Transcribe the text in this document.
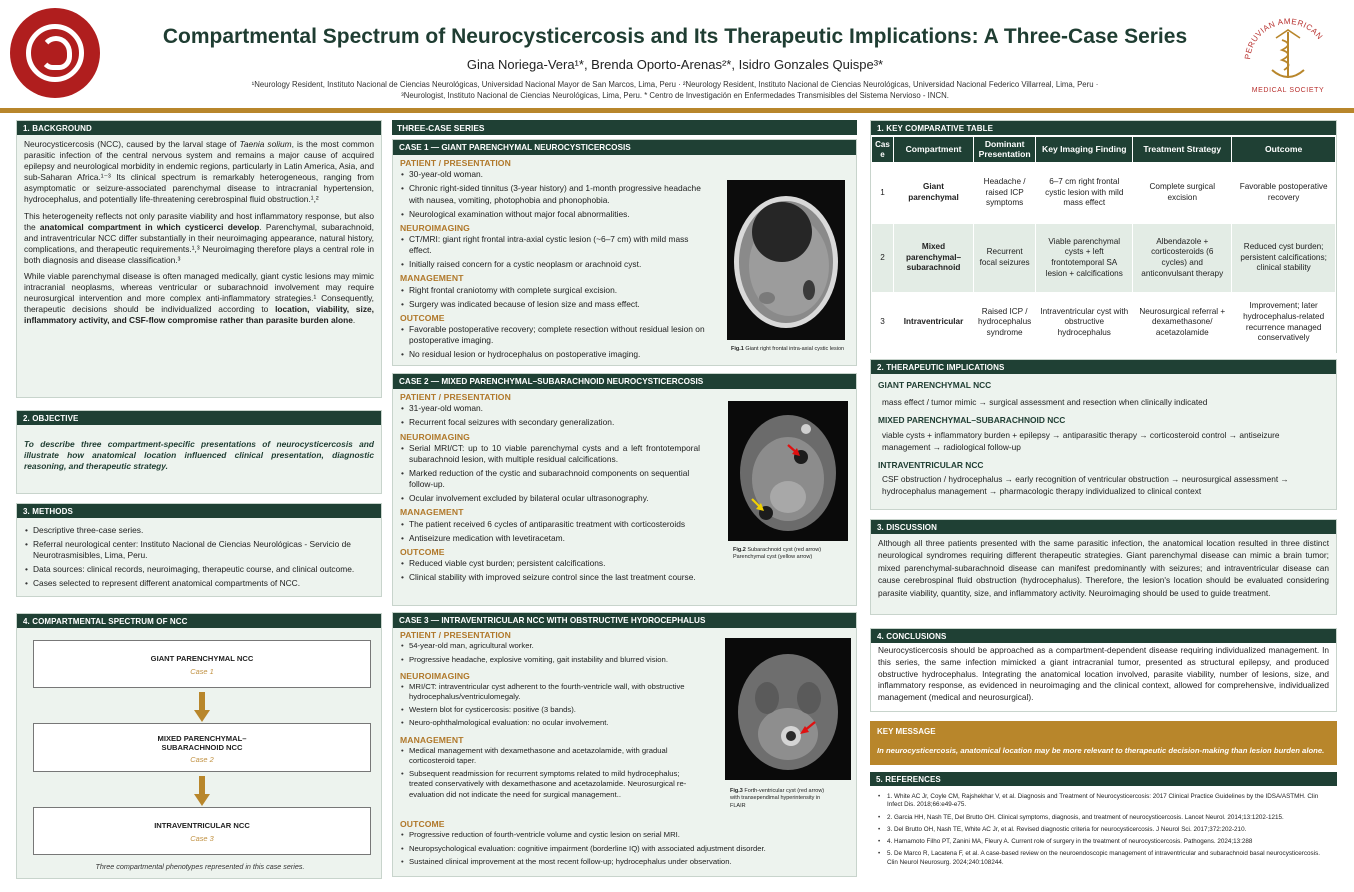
Compartmental Spectrum of Neurocysticercosis and Its Therapeutic Implications: A Three-Case Series
Gina Noriega-Vera¹*, Brenda Oporto-Arenas²*, Isidro Gonzales Quispe³*
¹Neurology Resident, Instituto Nacional de Ciencias Neurológicas, Universidad Nacional Mayor de San Marcos, Lima, Peru · ²Neurology Resident, Instituto Nacional de Ciencias Neurológicas, Universidad Nacional Federico Villarreal, Lima, Peru ·
³Neurologist, Instituto Nacional de Ciencias Neurológicas, Lima, Peru. * Centro de Investigación en Enfermedades Transmisibles del Sistema Nervioso - INCN.
PERUVIAN AMERICAN
MEDICAL SOCIETY
1. BACKGROUND

Neurocysticercosis (NCC), caused by the larval stage of Taenia solium, is the most common parasitic infection of the central nervous system and remains a major cause of acquired epilepsy and neurological morbidity in endemic regions, particularly in Latin America, Asia, and sub-Saharan Africa.¹⁻³ Its clinical spectrum is remarkably heterogeneous, ranging from asymptomatic or seizure-associated parenchymal disease to intracranial hypertension, hydrocephalus, and potentially life-threatening cerebrospinal fluid obstruction.¹,²

This heterogeneity reflects not only parasite viability and host inflammatory response, but also the anatomical compartment in which cysticerci develop. Parenchymal, subarachnoid, and intraventricular NCC differ substantially in their neuroimaging appearance, natural history, complications, and therapeutic requirements.¹,³ Neuroimaging therefore plays a central role in both diagnosis and disease classification.³

While viable parenchymal disease is often managed medically, giant cystic lesions may mimic intracranial neoplasms, whereas ventricular or subarachnoid involvement may require neurosurgical intervention and more complex anti-inflammatory strategies.¹ Consequently, therapeutic decisions should be individualized according to location, viability, size, inflammatory activity, and CSF-flow compromise rather than parasite burden alone.

2. OBJECTIVE

To describe three compartment-specific presentations of neurocysticercosis and illustrate how anatomical location influenced clinical presentation, diagnostic reasoning, and therapeutic strategy.

3. METHODS
• Descriptive three-case series.
• Referral neurological center: Instituto Nacional de Ciencias Neurológicas - Servicio de Neurotrasmisibles, Lima, Peru.
• Data sources: clinical records, neuroimaging, therapeutic course, and clinical outcome.
• Cases selected to represent different anatomical compartments of NCC.
4. COMPARTMENTAL SPECTRUM OF NCC
GIANT PARENCHYMAL NCC
Case 1
MIXED PARENCHYMAL–
SUBARACHNOID NCC
Case 2
INTRAVENTRICULAR NCC
Case 3
Three compartmental phenotypes represented in this case series.
THREE-CASE SERIES
CASE 1 — GIANT PARENCHYMAL NEUROCYSTICERCOSIS
PATIENT / PRESENTATION
• 30-year-old woman.
• Chronic right-sided tinnitus (3-year history) and 1-month progressive headache with nausea, vomiting, photophobia and phonophobia.
• Neurological examination without major focal abnormalities.
NEUROIMAGING
• CT/MRI: giant right frontal intra-axial cystic lesion (~6–7 cm) with mild mass effect.
• Initially raised concern for a cystic neoplasm or arachnoid cyst.
MANAGEMENT
• Right frontal craniotomy with complete surgical excision.
• Surgery was indicated because of lesion size and mass effect.
OUTCOME
• Favorable postoperative recovery; complete resection without residual lesion on postoperative imaging.
• No residual lesion or hydrocephalus on postoperative imaging.
Fig.1 Giant right frontal intra-axial cystic lesion
CASE 2 — MIXED PARENCHYMAL–SUBARACHNOID NEUROCYSTICERCOSIS
PATIENT / PRESENTATION
• 31-year-old woman.
• Recurrent focal seizures with secondary generalization.
NEUROIMAGING
• Serial MRI/CT: up to 10 viable parenchymal cysts and a left frontotemporal subarachnoid lesion, with multiple residual calcifications.
• Marked reduction of the cystic and subarachnoid components on sequential follow-up.
• Ocular involvement excluded by bilateral ocular ultrasonography.
MANAGEMENT
• The patient received 6 cycles of antiparasitic treatment with corticosteroids
• Antiseizure medication with levetiracetam.
OUTCOME
• Reduced viable cyst burden; persistent calcifications.
• Clinical stability with improved seizure control since the last treatment course.
Fig.2 Subarachnoid cyst (red arrow)
Parenchymal cyst (yellow arrow)
CASE 3 — INTRAVENTRICULAR NCC WITH OBSTRUCTIVE HYDROCEPHALUS
PATIENT / PRESENTATION
• 54-year-old man, agricultural worker.
• Progressive headache, explosive vomiting, gait instability and blurred vision.
NEUROIMAGING
• MRI/CT: intraventricular cyst adherent to the fourth-ventricle wall, with obstructive hydrocephalus/ventriculomegaly.
• Western blot for cysticercosis: positive (3 bands).
• Neuro-ophthalmological evaluation: no ocular involvement.
MANAGEMENT
• Medical management with dexamethasone and acetazolamide, with gradual corticosteroid taper.
• Subsequent readmission for recurrent symptoms related to mild hydrocephalus; treated conservatively with dexamethasone and acetazolamide. Neurosurgical re-evaluation did not indicate the need for surgical management..
OUTCOME
• Progressive reduction of fourth-ventricle volume and cystic lesion on serial MRI.
• Neuropsychological evaluation: cognitive impairment (borderline IQ) with associated adjustment disorder.
• Sustained clinical improvement at the most recent follow-up; hydrocephalus under observation.
Fig.3 Forth-ventricular cyst (red arrow)
with transependimal hyperintensity in
FLAIR
1. KEY COMPARATIVE TABLE
Case	Compartment	Dominant Presentation	Key Imaging Finding	Treatment Strategy	Outcome
1	Giant parenchymal	Headache / raised ICP symptoms	6–7 cm right frontal cystic lesion with mild mass effect	Complete surgical excision	Favorable postoperative recovery
2	Mixed parenchymal–subarachnoid	Recurrent focal seizures	Viable parenchymal cysts + left frontotemporal SA lesion + calcifications	Albendazole + corticosteroids (6 cycles) and anticonvulsant therapy	Reduced cyst burden; persistent calcifications; clinical stability
3	Intraventricular	Raised ICP / hydrocephalus syndrome	Intraventricular cyst with obstructive hydrocephalus	Neurosurgical referral + dexamethasone/ acetazolamide	Improvement; later hydrocephalus-related recurrence managed conservatively
2. THERAPEUTIC IMPLICATIONS
GIANT PARENCHYMAL NCC
mass effect / tumor mimic → surgical assessment and resection when clinically indicated
MIXED PARENCHYMAL–SUBARACHNOID NCC
viable cysts + inflammatory burden + epilepsy → antiparasitic therapy → corticosteroid control → antiseizure management → radiological follow-up
INTRAVENTRICULAR NCC
CSF obstruction / hydrocephalus → early recognition of ventricular obstruction → neurosurgical assessment → hydrocephalus management → pharmacologic therapy individualized to clinical context
3. DISCUSSION

Although all three patients presented with the same parasitic infection, the anatomical location resulted in three distinct neurological syndromes requiring different therapeutic strategies. Giant parenchymal disease can mimic a brain tumor; mixed parenchymal-subarachnoid disease can manifest predominantly with seizures; and intraventricular disease can cause cerebrospinal fluid obstruction (hydrocephalus). Therefore, the lesion's location should be evaluated considering parasite viability, quantity, size, and inflammatory activity. Neuroimaging should be used to guide treatment.

4. CONCLUSIONS

Neurocysticercosis should be approached as a compartment-dependent disease requiring individualized management. In this series, the same infection mimicked a giant intracranial tumor, presented as structural epilepsy, and produced obstructive hydrocephalus. Integrating the anatomical location involved, parasite viability, number of lesions, size, and inflammatory response, as evidenced in neuroimaging and the clinical context, allowed for comprehensive, individualized management (medical and neurosurgical).

KEY MESSAGE
In neurocysticercosis, anatomical location may be more relevant to therapeutic decision-making than lesion burden alone.
5. REFERENCES
• 1. White AC Jr, Coyle CM, Rajshekhar V, et al. Diagnosis and Treatment of Neurocysticercosis: 2017 Clinical Practice Guidelines by the IDSA/ASTMH. Clin Infect Dis. 2018;66:e49-e75.
• 2. Garcia HH, Nash TE, Del Brutto OH. Clinical symptoms, diagnosis, and treatment of neurocysticercosis. Lancet Neurol. 2014;13:1202-1215.
• 3. Del Brutto OH, Nash TE, White AC Jr, et al. Revised diagnostic criteria for neurocysticercosis. J Neurol Sci. 2017;372:202-210.
• 4. Hamamoto Filho PT, Zanini MA, Fleury A. Current role of surgery in the treatment of neurocysticercosis. Pathogens. 2024;13:288
• 5. De Marco R, Lacatena F, et al. A case-based review on the neuroendoscopic management of intraventricular and subarachnoid basal neurocysticercosis. Clin Neurol Neurosurg. 2024;240:108244.
